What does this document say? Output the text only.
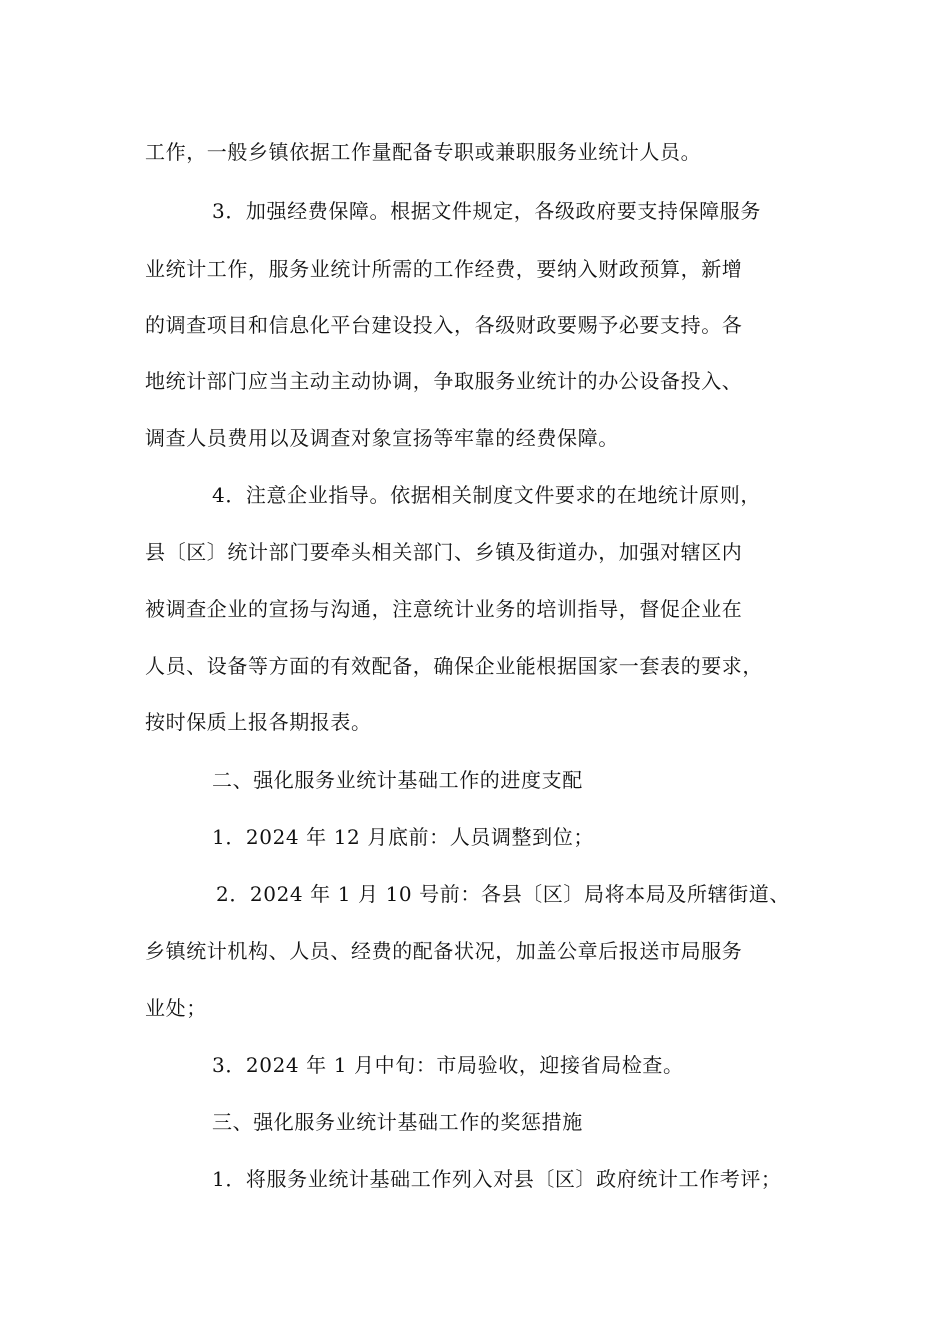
工作，一般乡镇依据工作量配备专职或兼职服务业统计人员。
3．加强经费保障。根据文件规定，各级政府要支持保障服务
业统计工作，服务业统计所需的工作经费，要纳入财政预算，新增
的调查项目和信息化平台建设投入，各级财政要赐予必要支持。各
地统计部门应当主动主动协调，争取服务业统计的办公设备投入、
调查人员费用以及调查对象宣扬等牢靠的经费保障。
4．注意企业指导。依据相关制度文件要求的在地统计原则，
县〔区〕统计部门要牵头相关部门、乡镇及街道办，加强对辖区内
被调查企业的宣扬与沟通，注意统计业务的培训指导，督促企业在
人员、设备等方面的有效配备，确保企业能根据国家一套表的要求，
按时保质上报各期报表。
二、强化服务业统计基础工作的进度支配
1．2024 年 12 月底前：人员调整到位；
2．2024 年 1 月 10 号前：各县〔区〕局将本局及所辖街道、
乡镇统计机构、人员、经费的配备状况，加盖公章后报送市局服务
业处；
3．2024 年 1 月中旬：市局验收，迎接省局检查。
三、强化服务业统计基础工作的奖惩措施
1．将服务业统计基础工作列入对县〔区〕政府统计工作考评；
